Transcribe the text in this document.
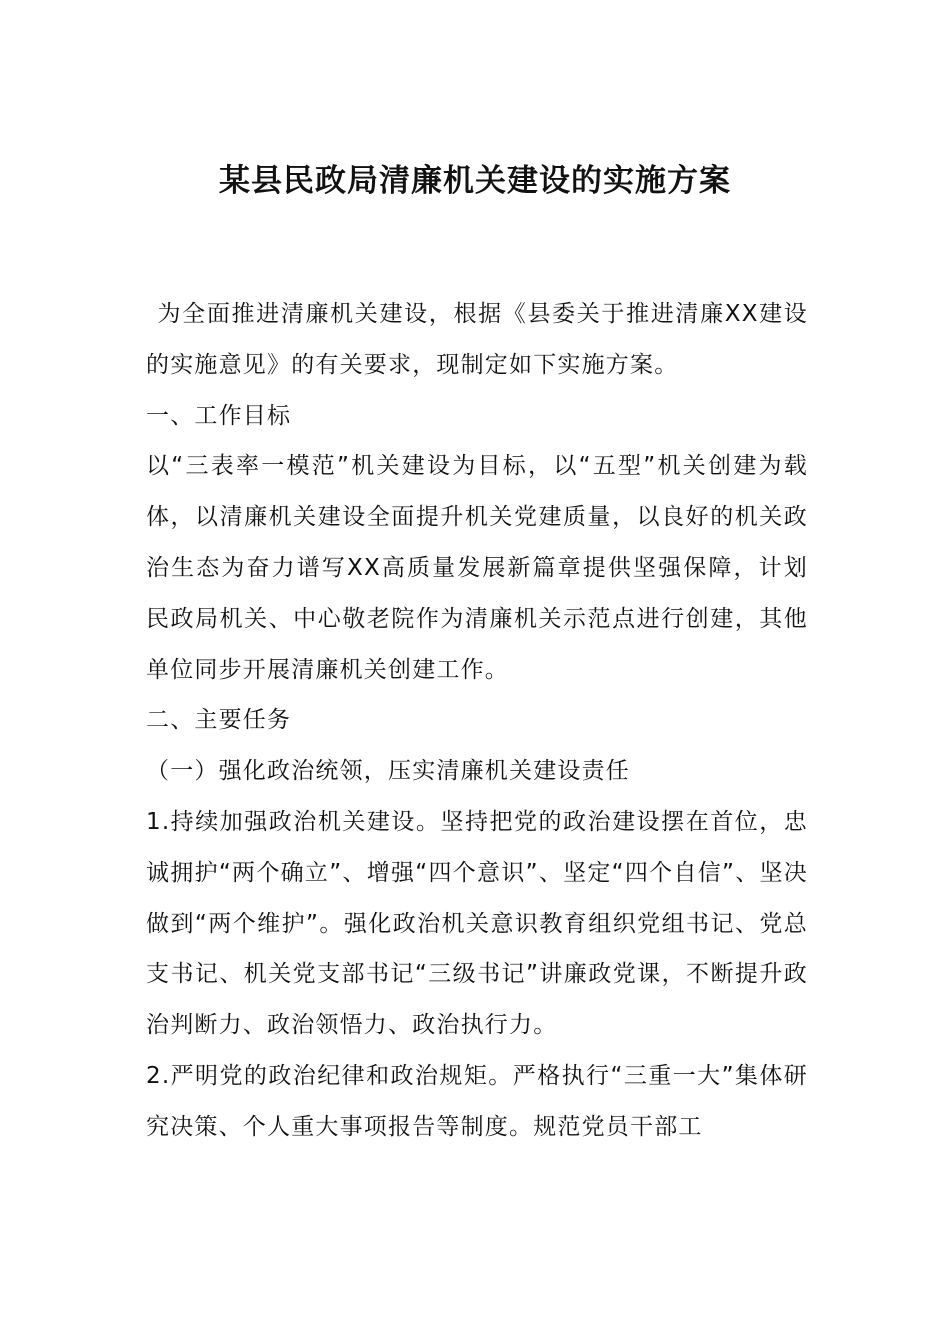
某县民政局清廉机关建设的实施方案

为全面推进清廉机关建设，根据《县委关于推进清廉XX建设的实施意见》的有关要求，现制定如下实施方案。

一、工作目标

以“三表率一模范”机关建设为目标，以“五型”机关创建为载体，以清廉机关建设全面提升机关党建质量，以良好的机关政治生态为奋力谱写XX高质量发展新篇章提供坚强保障，计划民政局机关、中心敬老院作为清廉机关示范点进行创建，其他单位同步开展清廉机关创建工作。

二、主要任务

（一）强化政治统领，压实清廉机关建设责任

1.持续加强政治机关建设。坚持把党的政治建设摆在首位，忠诚拥护“两个确立”、增强“四个意识”、坚定“四个自信”、坚决做到“两个维护”。强化政治机关意识教育组织党组书记、党总支书记、机关党支部书记“三级书记”讲廉政党课，不断提升政治判断力、政治领悟力、政治执行力。

2.严明党的政治纪律和政治规矩。严格执行“三重一大”集体研究决策、个人重大事项报告等制度。规范党员干部工
